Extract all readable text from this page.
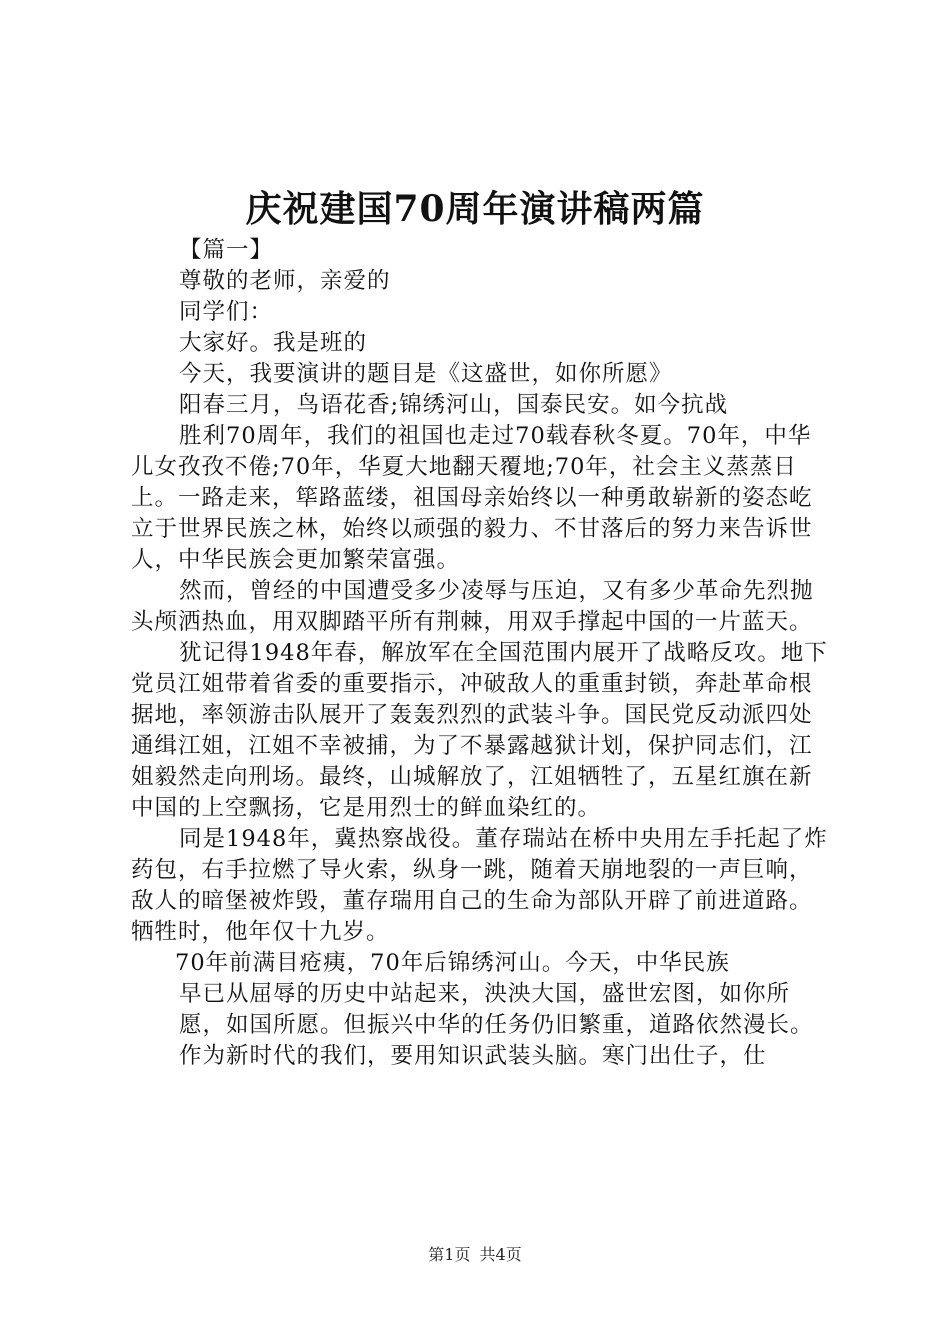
庆祝建国70周年演讲稿两篇

【篇一】

尊敬的老师，亲爱的

同学们：

大家好。我是班的

今天，我要演讲的题目是《这盛世，如你所愿》

阳春三月，鸟语花香;锦绣河山，国泰民安。如今抗战

胜利70周年，我们的祖国也走过70载春秋冬夏。70年，中华儿女孜孜不倦;70年，华夏大地翻天覆地;70年，社会主义蒸蒸日上。一路走来，筚路蓝缕，祖国母亲始终以一种勇敢崭新的姿态屹立于世界民族之林，始终以顽强的毅力、不甘落后的努力来告诉世人，中华民族会更加繁荣富强。

然而，曾经的中国遭受多少凌辱与压迫，又有多少革命先烈抛头颅洒热血，用双脚踏平所有荆棘，用双手撑起中国的一片蓝天。

犹记得1948年春，解放军在全国范围内展开了战略反攻。地下党员江姐带着省委的重要指示，冲破敌人的重重封锁，奔赴革命根据地，率领游击队展开了轰轰烈烈的武装斗争。国民党反动派四处通缉江姐，江姐不幸被捕，为了不暴露越狱计划，保护同志们，江姐毅然走向刑场。最终，山城解放了，江姐牺牲了，五星红旗在新中国的上空飘扬，它是用烈士的鲜血染红的。

同是1948年，冀热察战役。董存瑞站在桥中央用左手托起了炸药包，右手拉燃了导火索，纵身一跳，随着天崩地裂的一声巨响，敌人的暗堡被炸毁，董存瑞用自己的生命为部队开辟了前进道路。牺牲时，他年仅十九岁。

70年前满目疮痍，70年后锦绣河山。今天，中华民族

早已从屈辱的历史中站起来，泱泱大国，盛世宏图，如你所

愿，如国所愿。但振兴中华的任务仍旧繁重，道路依然漫长。

作为新时代的我们，要用知识武装头脑。寒门出仕子，仕

第1页 共4页
